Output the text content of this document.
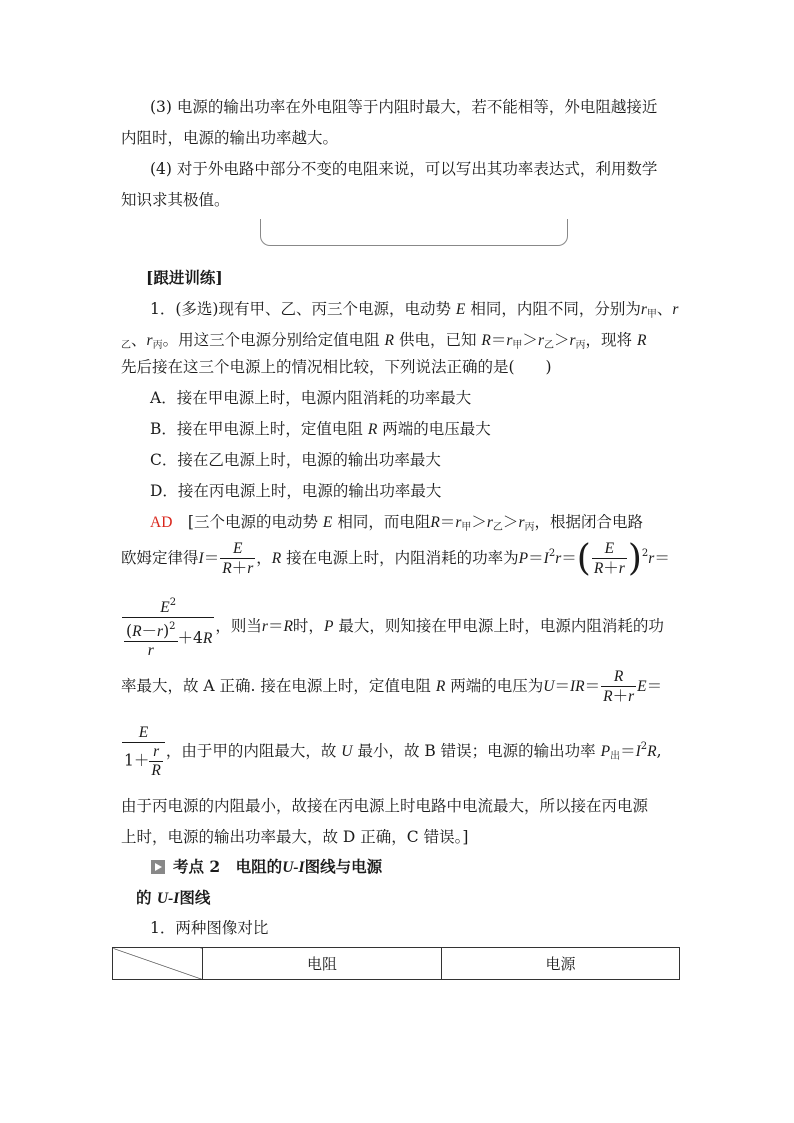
(3) 电源的输出功率在外电阻等于内阻时最大，若不能相等，外电阻越接近
内阻时，电源的输出功率越大。
(4) 对于外电路中部分不变的电阻来说，可以写出其功率表达式，利用数学
知识求其极值。
[跟进训练]
1．(多选)现有甲、乙、丙三个电源，电动势 E 相同，内阻不同，分别为$r_甲$、r
$_乙$、$r_丙$。用这三个电源分别给定值电阻 R 供电，已知 $R=r_甲>r_乙>r_丙$，现将 R
先后接在这三个电源上的情况相比较，下列说法正确的是(　　)
A．接在甲电源上时，电源内阻消耗的功率最大
B．接在甲电源上时，定值电阻 R 两端的电压最大
C．接在乙电源上时，电源的输出功率最大
D．接在丙电源上时，电源的输出功率最大
AD　 [三个电源的电动势 E 相同，而电阻$R=r_甲>r_乙>r_丙$，根据闭合电路
欧姆定律得$I= \frac{E}{R+r}$ ，R 接在电源上时，内阻消耗的功率为$P=I^2r=( \frac{E}{R+r} )^2r=$
$\frac{E^2}{\frac{(R-r)^2}{r} +4R}$ ，则当r＝R时，P 最大，则知接在甲电源上时，电源内阻消耗的功
率最大，故 A 正确. 接在电源上时，定值电阻 R 两端的电压为$U=IR= \frac{R}{R+r} E=$
$\frac{E}{1+ \frac{r}{R}}$ ，由于甲的内阻最大，故 U 最小，故 B 错误；电源的输出功率 $P_出=I^2R$,
由于丙电源的内阻最小，故接在丙电源上时电路中电流最大，所以接在丙电源
上时，电源的输出功率最大，故 D 正确，C 错误。]
考点 2　电阻的U-I图线与电源
的 U-I图线
1．两种图像对比
	电阻	电源
